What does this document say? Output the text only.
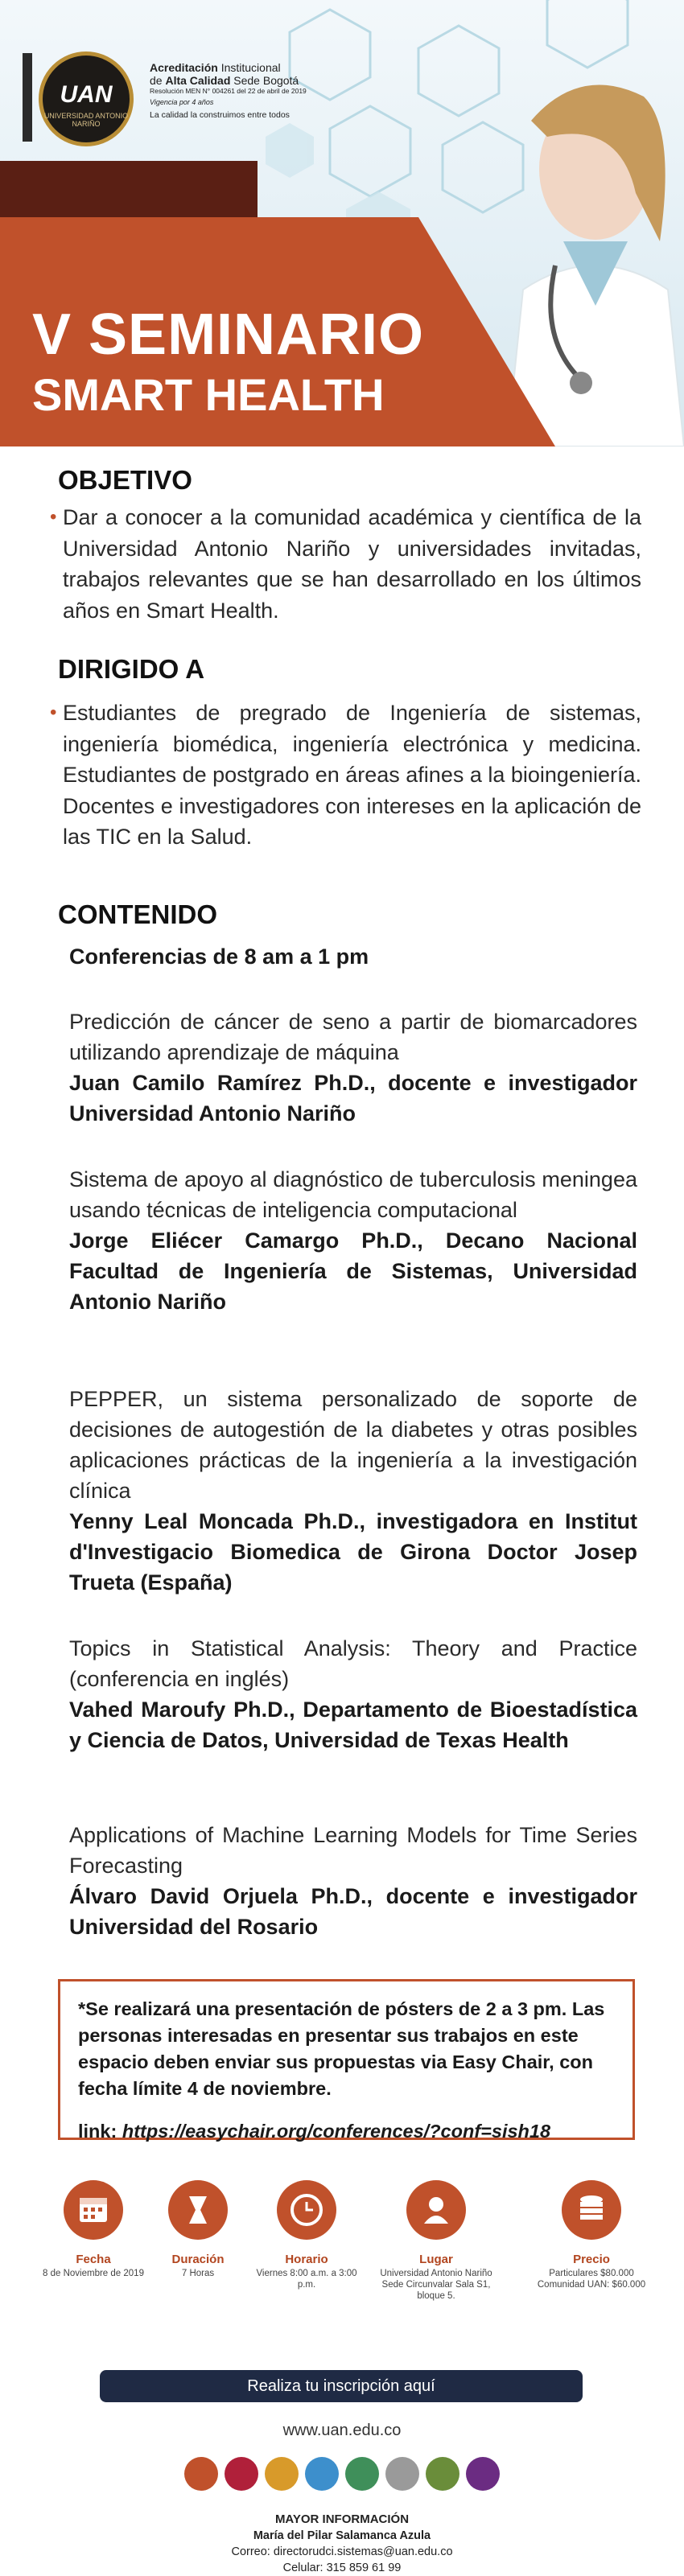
UAN
UNIVERSIDAD ANTONIO NARIÑO
Acreditación Institucional
de Alta Calidad Sede Bogotá
Resolución MEN N° 004261 del 22 de abril de 2019
Vigencia por 4 años
La calidad la construimos entre todos
V SEMINARIO
SMART HEALTH
OBJETIVO
• Dar a conocer a la comunidad académica y científica de la Universidad Antonio Nariño y universidades invitadas, trabajos relevantes que se han desarrollado en los últimos años en Smart Health.

DIRIGIDO A
• Estudiantes de pregrado de Ingeniería de sistemas, ingeniería biomédica, ingeniería electrónica y medicina. Estudiantes de postgrado en áreas afines a la bioingeniería. Docentes e investigadores con intereses en la aplicación de las TIC en la Salud.

CONTENIDO
Conferencias de 8 am a 1 pm
Predicción de cáncer de seno a partir de biomarcadores utilizando aprendizaje de máquina
Juan Camilo Ramírez Ph.D., docente e investigador Universidad Antonio Nariño
Sistema de apoyo al diagnóstico de tuberculosis meningea usando técnicas de inteligencia computacional
Jorge Eliécer Camargo Ph.D., Decano Nacional Facultad de Ingeniería de Sistemas, Universidad Antonio Nariño
PEPPER, un sistema personalizado de soporte de decisiones de autogestión de la diabetes y otras posibles aplicaciones prácticas de la ingeniería a la investigación clínica
Yenny Leal Moncada Ph.D., investigadora en Institut d'Investigacio Biomedica de Girona Doctor Josep Trueta (España)
Topics in Statistical Analysis: Theory and Practice (conferencia en inglés)
Vahed Maroufy Ph.D., Departamento de Bioestadística y Ciencia de Datos, Universidad de Texas Health
Applications of Machine Learning Models for Time Series Forecasting
Álvaro David Orjuela Ph.D., docente e investigador Universidad del Rosario
*Se realizará una presentación de pósters de 2 a 3 pm. Las personas interesadas en presentar sus trabajos en este espacio deben enviar sus propuestas via Easy Chair, con fecha límite 4 de noviembre.
link: https://easychair.org/conferences/?conf=sish18
Fecha
8 de Noviembre de 2019
Duración
7 Horas
Horario
Viernes 8:00 a.m. a 3:00 p.m.
Lugar
Universidad Antonio Nariño Sede Circunvalar Sala S1, bloque 5.
Precio
Particulares $80.000 Comunidad UAN: $60.000
Realiza tu inscripción aquí
www.uan.edu.co

MAYOR INFORMACIÓN
María del Pilar Salamanca Azula
Correo: directorudci.sistemas@uan.edu.co
Celular: 315 859 61 99
